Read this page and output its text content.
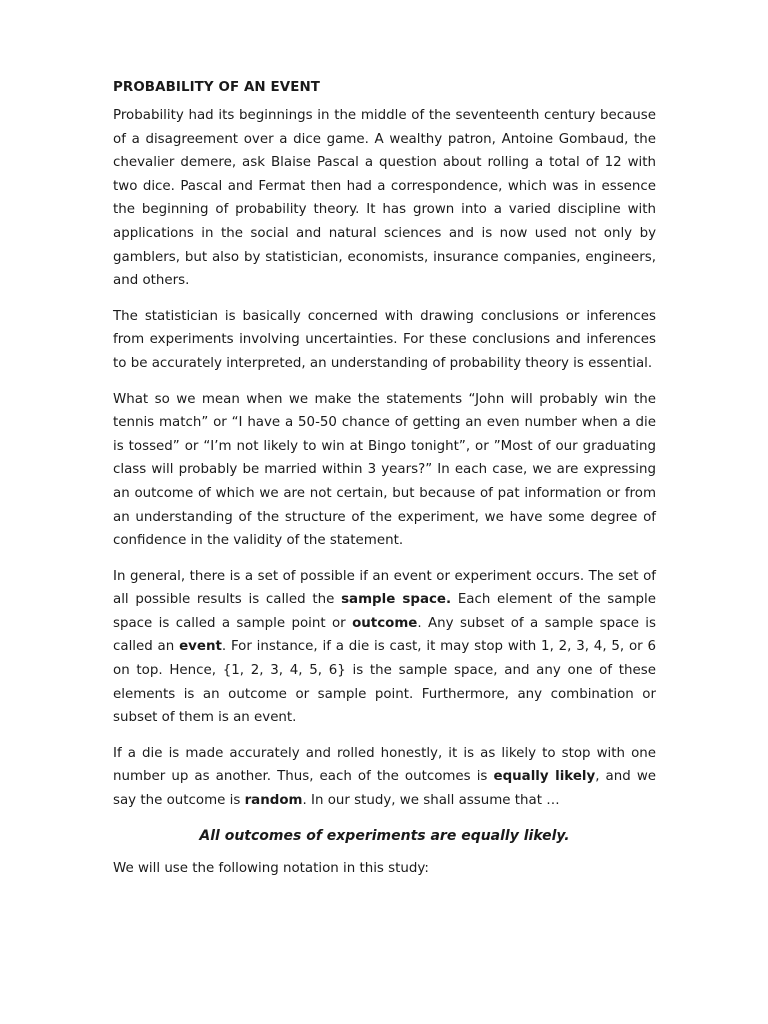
PROBABILITY OF AN EVENT

Probability had its beginnings in the middle of the seventeenth century because of a disagreement over a dice game. A wealthy patron, Antoine Gombaud, the chevalier demere, ask Blaise Pascal a question about rolling a total of 12 with two dice. Pascal and Fermat then had a correspondence, which was in essence the beginning of probability theory. It has grown into a varied discipline with applications in the social and natural sciences and is now used not only by gamblers, but also by statistician, economists, insurance companies, engineers, and others.

The statistician is basically concerned with drawing conclusions or inferences from experiments involving uncertainties. For these conclusions and inferences to be accurately interpreted, an understanding of probability theory is essential.

What so we mean when we make the statements “John will probably win the tennis match” or “I have a 50-50 chance of getting an even number when a die is tossed” or “I’m not likely to win at Bingo tonight”, or ”Most of our graduating class will probably be married within 3 years?” In each case, we are expressing an outcome of which we are not certain, but because of pat information or from an understanding of the structure of the experiment, we have some degree of confidence in the validity of the statement.

In general, there is a set of possible if an event or experiment occurs. The set of all possible results is called the sample space. Each element of the sample space is called a sample point or outcome. Any subset of a sample space is called an event. For instance, if a die is cast, it may stop with 1, 2, 3, 4, 5, or 6 on top. Hence, {1, 2, 3, 4, 5, 6} is the sample space, and any one of these elements is an outcome or sample point. Furthermore, any combination or subset of them is an event.

If a die is made accurately and rolled honestly, it is as likely to stop with one number up as another. Thus, each of the outcomes is equally likely, and we say the outcome is random. In our study, we shall assume that …

All outcomes of experiments are equally likely.

We will use the following notation in this study:
